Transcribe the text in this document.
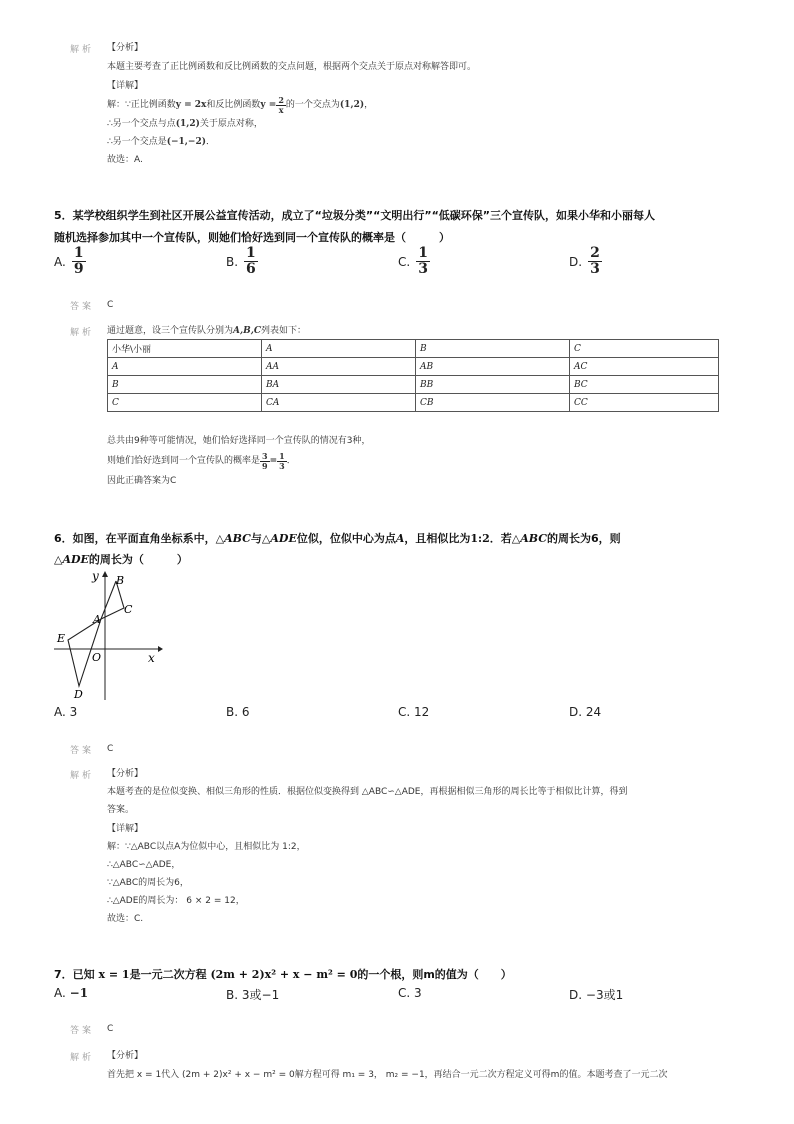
解析 【分析】
本题主要考查了正比例函数和反比例函数的交点问题，根据两个交点关于原点对称解答即可。
【详解】
解：∵正比例函数 y = 2x 和反比例函数 $y = \frac{2}{x}$ 的一个交点为 (1,2) ，
∴另一个交点与点(1,2)关于原点对称，
∴另一个交点是(−1,−2)．
故选：A.
5．某学校组织学生到社区开展公益宣传活动，成立了“垃圾分类”“文明出行”“低碳环保”三个宣传队，如果小华和小丽每人
随机选择参加其中一个宣传队，则她们恰好选到同一个宣传队的概率是（　　　）
A. $\frac{1}{9}$	B. $\frac{1}{6}$	C. $\frac{1}{3}$	D. $\frac{2}{3}$
答案 C
解析 通过题意，设三个宣传队分别为A,B,C列表如下：
小华\小丽	A	B	C
A	AA	AB	AC
B	BA	BB	BC
C	CA	CB	CC
总共由9种等可能情况，她们恰好选择同一个宣传队的情况有3种，
则她们恰好选到同一个宣传队的概率是 $\frac{3}{9} = \frac{1}{3}$ ．
因此正确答案为C
6．如图，在平面直角坐标系中，△ABC与△ADE位似，位似中心为点A，且相似比为1:2．若△ABC的周长为6，则
△ADE的周长为（　　　）
y
x
O
A
B
C
D
E
A. 3	B. 6	C. 12	D. 24
答案 C
解析 【分析】
本题考查的是位似变换、相似三角形的性质．根据位似变换得到 △ABC∽△ADE，再根据相似三角形的周长比等于相似比计算，得到
答案。
【详解】
解：∵△ABC以点A为位似中心，且相似比为 1:2，
∴△ABC∽△ADE，
∵△ABC的周长为6，
∴△ADE的周长为： 6 × 2 = 12，
故选：C.
7．已知 x = 1是一元二次方程 (2m + 2)x² + x − m² = 0的一个根，则m的值为（　　）
A. −1	B. 3或−1	C. 3	D. −3或1
答案 C
解析 【分析】
首先把 x = 1代入 (2m + 2)x² + x − m² = 0解方程可得 m₁ = 3， m₂ = −1，再结合一元二次方程定义可得m的值。本题考查了一元二次
